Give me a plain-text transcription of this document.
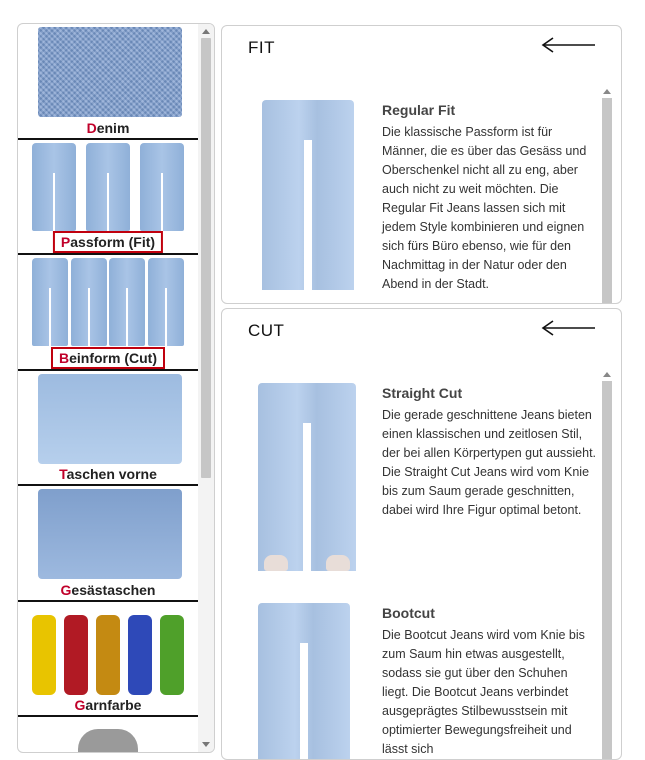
Denim
Passform (Fit)
Beinform (Cut)
Taschen vorne
Gesästaschen
Garnfarbe
FIT
Regular Fit
Die klassische Passform ist für Männer, die es über das Gesäss und Oberschenkel nicht all zu eng, aber auch nicht zu weit möchten. Die Regular Fit Jeans lassen sich mit jedem Style kombinieren und eignen sich fürs Büro ebenso, wie für den Nachmittag in der Natur oder den Abend in der Stadt.
CUT
Straight Cut
Die gerade geschnittene Jeans bieten einen klassischen und zeitlosen Stil, der bei allen Körpertypen gut aussieht. Die Straight Cut Jeans wird vom Knie bis zum Saum gerade geschnitten, dabei wird Ihre Figur optimal betont.
Bootcut
Die Bootcut Jeans wird vom Knie bis zum Saum hin etwas ausgestellt, sodass sie gut über den Schuhen liegt. Die Bootcut Jeans verbindet ausgeprägtes Stilbewusstsein mit optimierter Bewegungsfreiheit und lässt sich
